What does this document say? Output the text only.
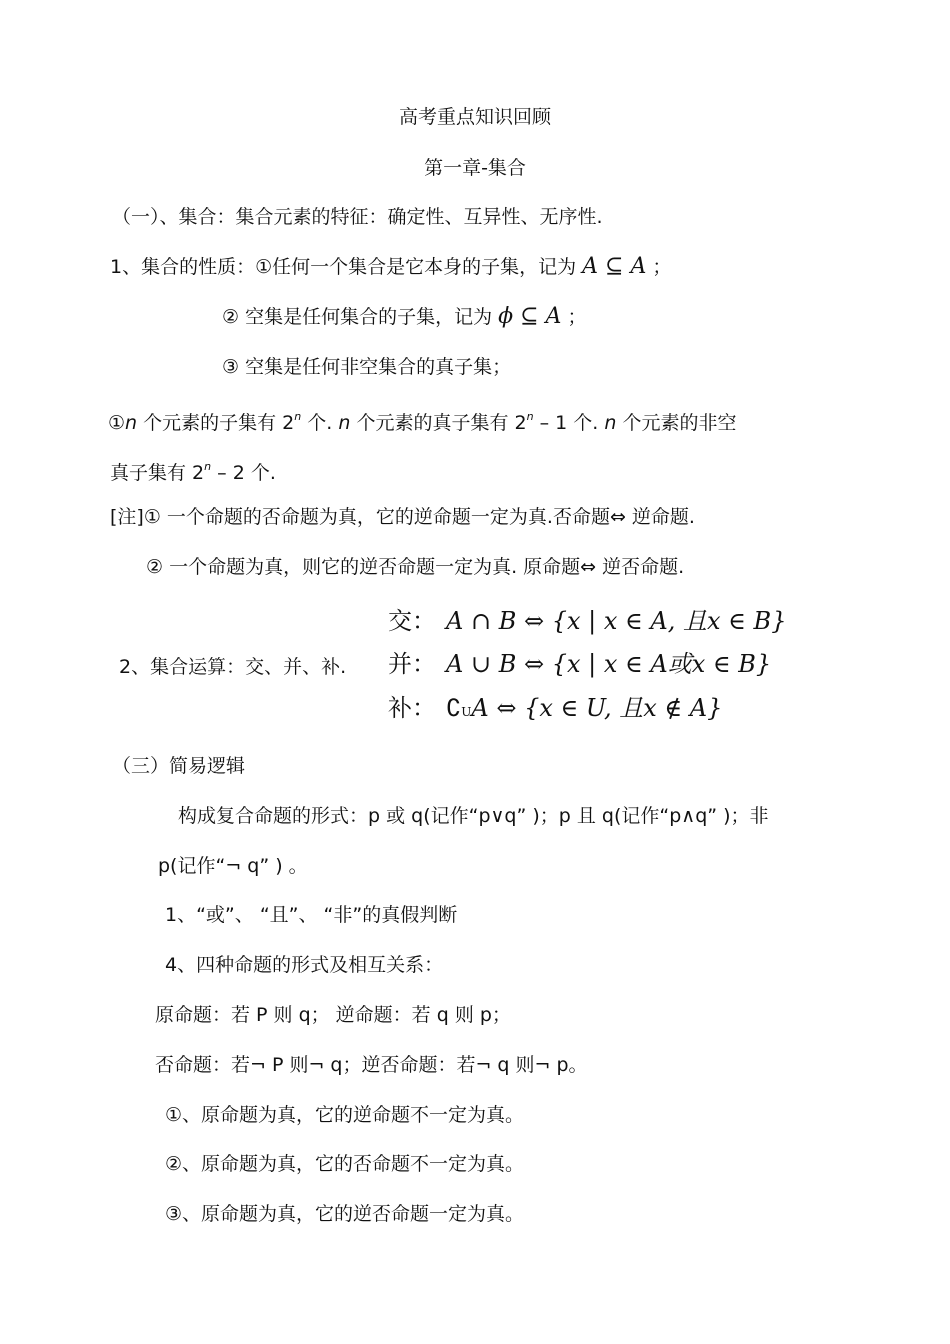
高考重点知识回顾
第一章-集合
（一）、集合：集合元素的特征：确定性、互异性、无序性.
1、集合的性质：①任何一个集合是它本身的子集，记为 A ⊆ A ；
② 空集是任何集合的子集，记为 ϕ ⊆ A ；
③ 空集是任何非空集合的真子集；
①n 个元素的子集有 2$^n$ 个. n 个元素的真子集有 2$^n$ – 1 个. n 个元素的非空
真子集有 2$^n$ – 2 个.
[注]① 一个命题的否命题为真，它的逆命题一定为真.否命题⇔ 逆命题.
② 一个命题为真，则它的逆否命题一定为真. 原命题⇔ 逆否命题.
交： A ∩ B ⇔ {x | x ∈ A, 且x ∈ B}
2、集合运算：交、并、补. 并： A ∪ B ⇔ {x | x ∈ A或x ∈ B}
补： ∁UA ⇔ {x ∈ U, 且x ∉ A}
（三）简易逻辑
构成复合命题的形式：p 或 q(记作“p∨q” )；p 且 q(记作“p∧q” )；非
p(记作“¬ q” ) 。
1、“或”、 “且”、 “非”的真假判断
4、四种命题的形式及相互关系：
原命题：若 P 则 q； 逆命题：若 q 则 p；
否命题：若¬ P 则¬ q；逆否命题：若¬ q 则¬ p。
①、原命题为真，它的逆命题不一定为真。
②、原命题为真，它的否命题不一定为真。
③、原命题为真，它的逆否命题一定为真。
